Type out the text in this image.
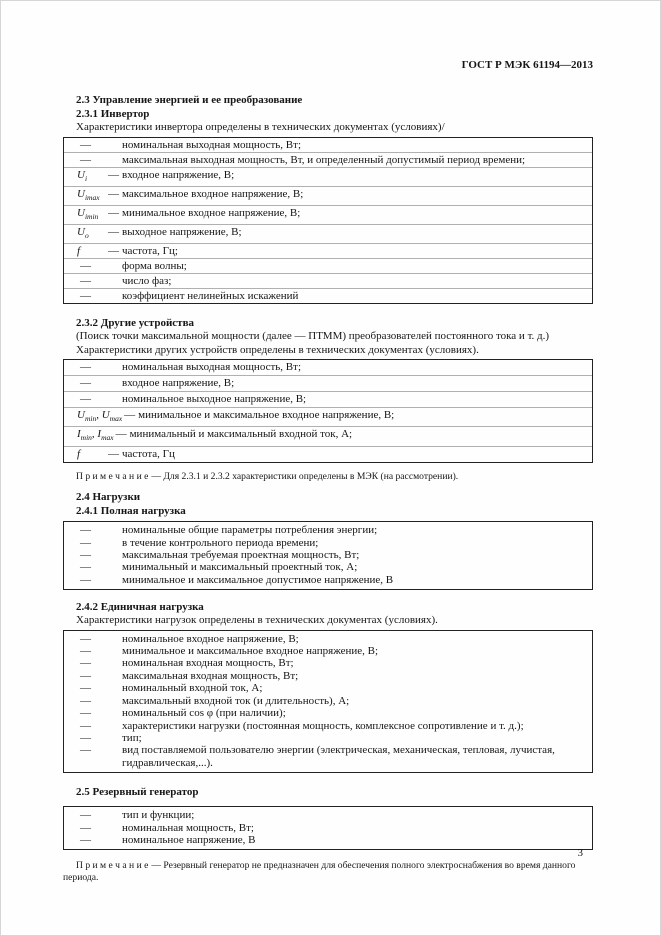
ГОСТ Р МЭК 61194—2013
2.3 Управление энергией и ее преобразование
2.3.1 Инвертор

Характеристики инвертора определены в технических документах (условиях)/

—	номинальная выходная мощность, Вт;
—	максимальная выходная мощность, Вт, и определенный допустимый период времени;
$U_i$	— входное напряжение, В;
$U_{imax}$ — максимальное входное напряжение, В;
$U_{imin}$ — минимальное входное напряжение, В;
$U_o$	— выходное напряжение, В;
f	— частота, Гц;
—	форма волны;
—	число фаз;
—	коэффициент нелинейных искажений
2.3.2 Другие устройства

(Поиск точки максимальной мощности (далее — ПТММ) преобразователей постоянного тока и т. д.)

Характеристики других устройств определены в технических документах (условиях).

—	номинальная выходная мощность, Вт;
—	входное напряжение, В;
—	номинальное выходное напряжение, В;
$U_{min}$, $U_{max}$ — минимальное и максимальное входное напряжение, В;
$I_{min}$, $I_{max}$ — минимальный и максимальный входной ток, А;
f	— частота, Гц

П р и м е ч а н и е — Для 2.3.1 и 2.3.2 характеристики определены в МЭК (на рассмотрении).

2.4 Нагрузки
2.4.1 Полная нагрузка
—	номинальные общие параметры потребления энергии;
—	в течение контрольного периода времени;
—	максимальная требуемая проектная мощность, Вт;
—	минимальный и максимальный проектный ток, А;
—	минимальное и максимальное допустимое напряжение, В
2.4.2 Единичная нагрузка

Характеристики нагрузок определены в технических документах (условиях).

—	номинальное входное напряжение, В;
—	минимальное и максимальное входное напряжение, В;
—	номинальная входная мощность, Вт;
—	максимальная входная мощность, Вт;
—	номинальный входной ток, А;
—	максимальный входной ток (и длительность), А;
—	номинальный cos φ (при наличии);
—	характеристики нагрузки (постоянная мощность, комплексное сопротивление и т. д.);
—	тип;
—	вид поставляемой пользователю энергии (электрическая, механическая, тепловая, лучистая, гидравлическая,...).
2.5 Резервный генератор
—	тип и функции;
—	номинальная мощность, Вт;
—	номинальное напряжение, В

П р и м е ч а н и е — Резервный генератор не предназначен для обеспечения полного электроснабжения во время данного периода.

3
